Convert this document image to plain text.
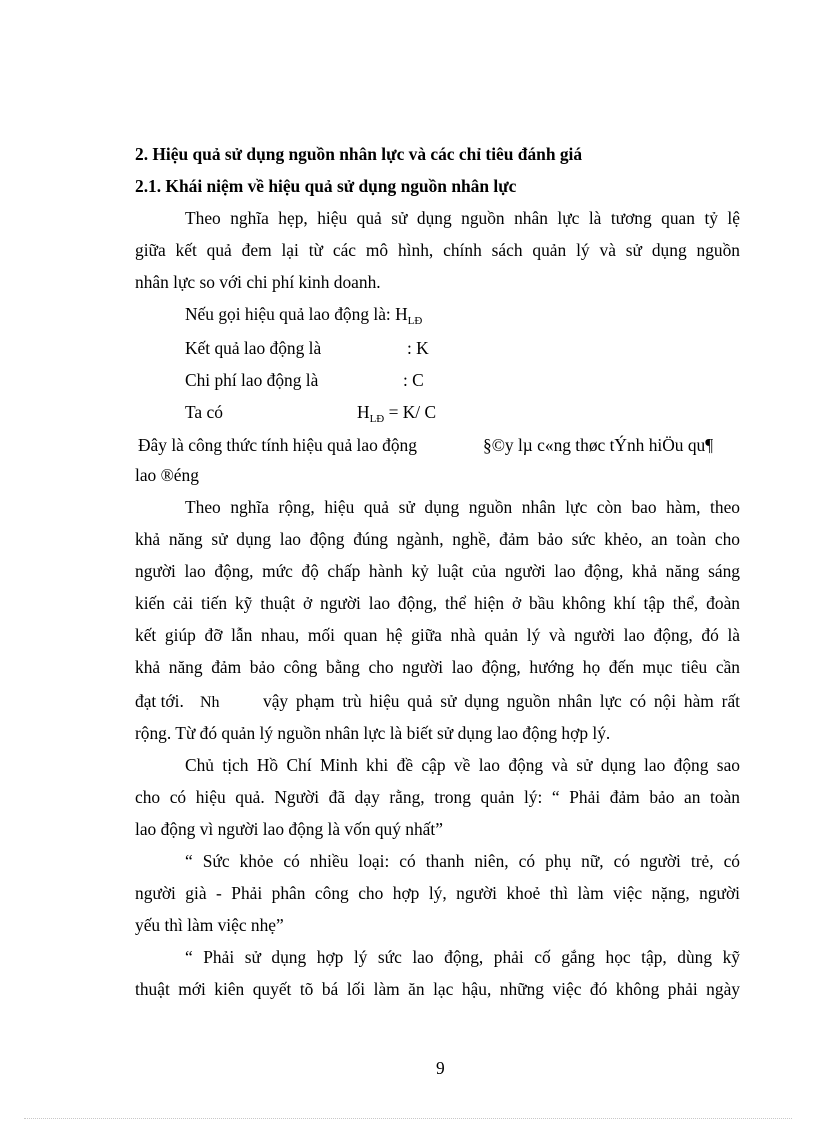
2. Hiệu quả sử dụng nguồn nhân lực và các chỉ tiêu đánh giá
2.1. Khái niệm về hiệu quả sử dụng nguồn nhân lực
Theo nghĩa hẹp, hiệu quả sử dụng nguồn nhân lực là tương quan tỷ lệ
giữa kết quả đem lại từ các mô hình, chính sách quản lý và sử dụng nguồn
nhân lực so với chi phí kinh doanh.
Nếu gọi hiệu quả lao động là: $H_{LĐ}$
Kết quả lao động là	: K
Chi phí lao động là	: C
Ta có	$H_{LĐ} = K/$ C
Đây là công thức tính hiệu quả lao động	§©y lµ c«ng thøc tÝnh hiÖu qu¶
lao ®éng
Theo nghĩa rộng, hiệu quả sử dụng nguồn nhân lực còn bao hàm, theo
khả năng sử dụng lao động đúng ngành, nghề, đảm bảo sức khẻo, an toàn cho
người lao động, mức độ chấp hành kỷ luật của người lao động, khả năng sáng
kiến cải tiến kỹ thuật ở người lao động, thể hiện ở bầu không khí tập thể, đoàn
kết giúp đỡ lẫn nhau, mối quan hệ giữa nhà quản lý và người lao động, đó là
khả năng đảm bảo công bằng cho người lao động, hướng họ đến mục tiêu cần
đạt tới. Nh vậy phạm trù hiệu quả sử dụng nguồn nhân lực có nội hàm rất
rộng. Từ đó quản lý nguồn nhân lực là biết sử dụng lao động hợp lý.
Chủ tịch Hồ Chí Minh khi đề cập về lao động và sử dụng lao động sao
cho có hiệu quả. Người đã dạy rằng, trong quản lý: “ Phải đảm bảo an toàn
lao động vì người lao động là vốn quý nhất”
“ Sức khỏe có nhiều loại: có thanh niên, có phụ nữ, có người trẻ, có
người già - Phải phân công cho hợp lý, người khoẻ thì làm việc nặng, người
yếu thì làm việc nhẹ”
“ Phải sử dụng hợp lý sức lao động, phải cố gắng học tập, dùng kỹ
thuật mới kiên quyết tõ bá lối làm ăn lạc hậu, những việc đó không phải ngày
9
